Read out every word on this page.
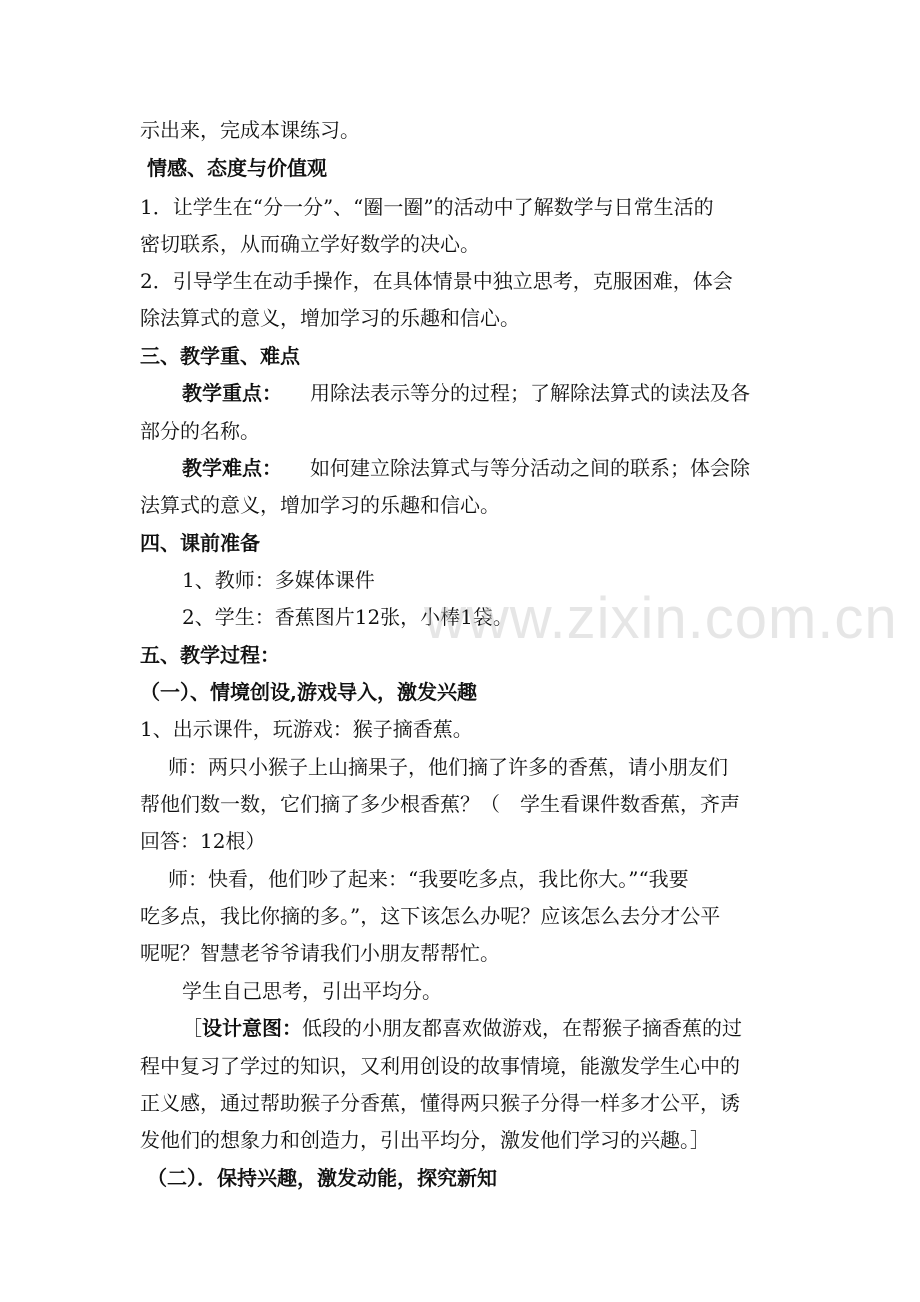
示出来，完成本课练习。
情感、态度与价值观
1．让学生在“分一分”、“圈一圈”的活动中了解数学与日常生活的
密切联系，从而确立学好数学的决心。
2．引导学生在动手操作，在具体情景中独立思考，克服困难，体会
除法算式的意义，增加学习的乐趣和信心。
三、教学重、难点
教学重点： 用除法表示等分的过程；了解除法算式的读法及各
部分的名称。
教学难点： 如何建立除法算式与等分活动之间的联系；体会除
法算式的意义，增加学习的乐趣和信心。
四、课前准备
1、教师：多媒体课件
2、学生：香蕉图片12张，小棒1袋。
五、教学过程：
（一）、情境创设,游戏导入，激发兴趣
1、出示课件，玩游戏：猴子摘香蕉。
师：两只小猴子上山摘果子，他们摘了许多的香蕉，请小朋友们
帮他们数一数，它们摘了多少根香蕉？（　学生看课件数香蕉，齐声
回答：12根）
师：快看，他们吵了起来：“我要吃多点，我比你大。”“我要
吃多点，我比你摘的多。”，这下该怎么办呢？应该怎么去分才公平
呢呢？智慧老爷爷请我们小朋友帮帮忙。
学生自己思考，引出平均分。
［设计意图：低段的小朋友都喜欢做游戏，在帮猴子摘香蕉的过
程中复习了学过的知识，又利用创设的故事情境，能激发学生心中的
正义感，通过帮助猴子分香蕉，懂得两只猴子分得一样多才公平，诱
发他们的想象力和创造力，引出平均分，激发他们学习的兴趣。］
（二）．保持兴趣，激发动能，探究新知
www.zixin.com.cn
